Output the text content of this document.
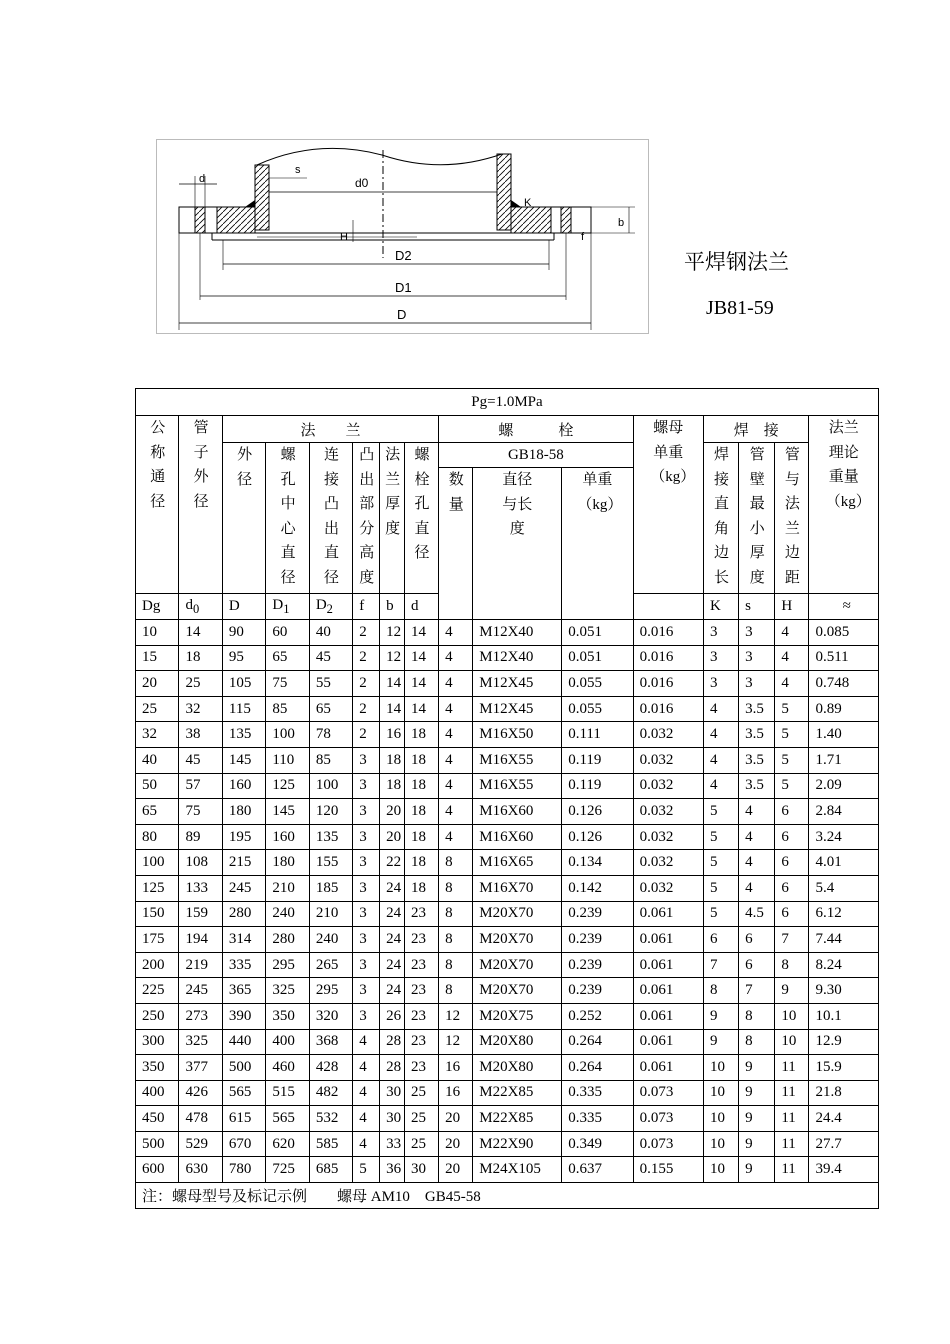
d0
s
d
H
D2
D1
D
b
f
K
平焊钢法兰
JB81-59
Pg=1.0MPa															

公称通径	管子外径	法　　兰						螺　　　栓			螺母单重（kg）	焊　接			法兰理论重量（kg）

		外径	螺孔中心直径	连接凸出直径	凸出部分高度	法兰厚度	螺栓孔直径	GB18-58				焊接直角边长	管壁最小厚度	管与法兰边距	

								数量	直径与长度	单重（kg）					

Dg	$d_0$	D	$D_1$	$D_2$	f	b	d					K	s	H	≈
10	14	90	60	40	2	12	14	4	M12X40	0.051	0.016	3	3	4	0.085
15	18	95	65	45	2	12	14	4	M12X40	0.051	0.016	3	3	4	0.511
20	25	105	75	55	2	14	14	4	M12X45	0.055	0.016	3	3	4	0.748
25	32	115	85	65	2	14	14	4	M12X45	0.055	0.016	4	3.5	5	0.89
32	38	135	100	78	2	16	18	4	M16X50	0.111	0.032	4	3.5	5	1.40
40	45	145	110	85	3	18	18	4	M16X55	0.119	0.032	4	3.5	5	1.71
50	57	160	125	100	3	18	18	4	M16X55	0.119	0.032	4	3.5	5	2.09
65	75	180	145	120	3	20	18	4	M16X60	0.126	0.032	5	4	6	2.84
80	89	195	160	135	3	20	18	4	M16X60	0.126	0.032	5	4	6	3.24
100	108	215	180	155	3	22	18	8	M16X65	0.134	0.032	5	4	6	4.01
125	133	245	210	185	3	24	18	8	M16X70	0.142	0.032	5	4	6	5.4
150	159	280	240	210	3	24	23	8	M20X70	0.239	0.061	5	4.5	6	6.12
175	194	314	280	240	3	24	23	8	M20X70	0.239	0.061	6	6	7	7.44
200	219	335	295	265	3	24	23	8	M20X70	0.239	0.061	7	6	8	8.24
225	245	365	325	295	3	24	23	8	M20X70	0.239	0.061	8	7	9	9.30
250	273	390	350	320	3	26	23	12	M20X75	0.252	0.061	9	8	10	10.1
300	325	440	400	368	4	28	23	12	M20X80	0.264	0.061	9	8	10	12.9
350	377	500	460	428	4	28	23	16	M20X80	0.264	0.061	10	9	11	15.9
400	426	565	515	482	4	30	25	16	M22X85	0.335	0.073	10	9	11	21.8
450	478	615	565	532	4	30	25	20	M22X85	0.335	0.073	10	9	11	24.4
500	529	670	620	585	4	33	25	20	M22X90	0.349	0.073	10	9	11	27.7
600	630	780	725	685	5	36	30	20	M24X105	0.637	0.155	10	9	11	39.4
注：螺母型号及标记示例　　螺母 AM10　GB45-58															
